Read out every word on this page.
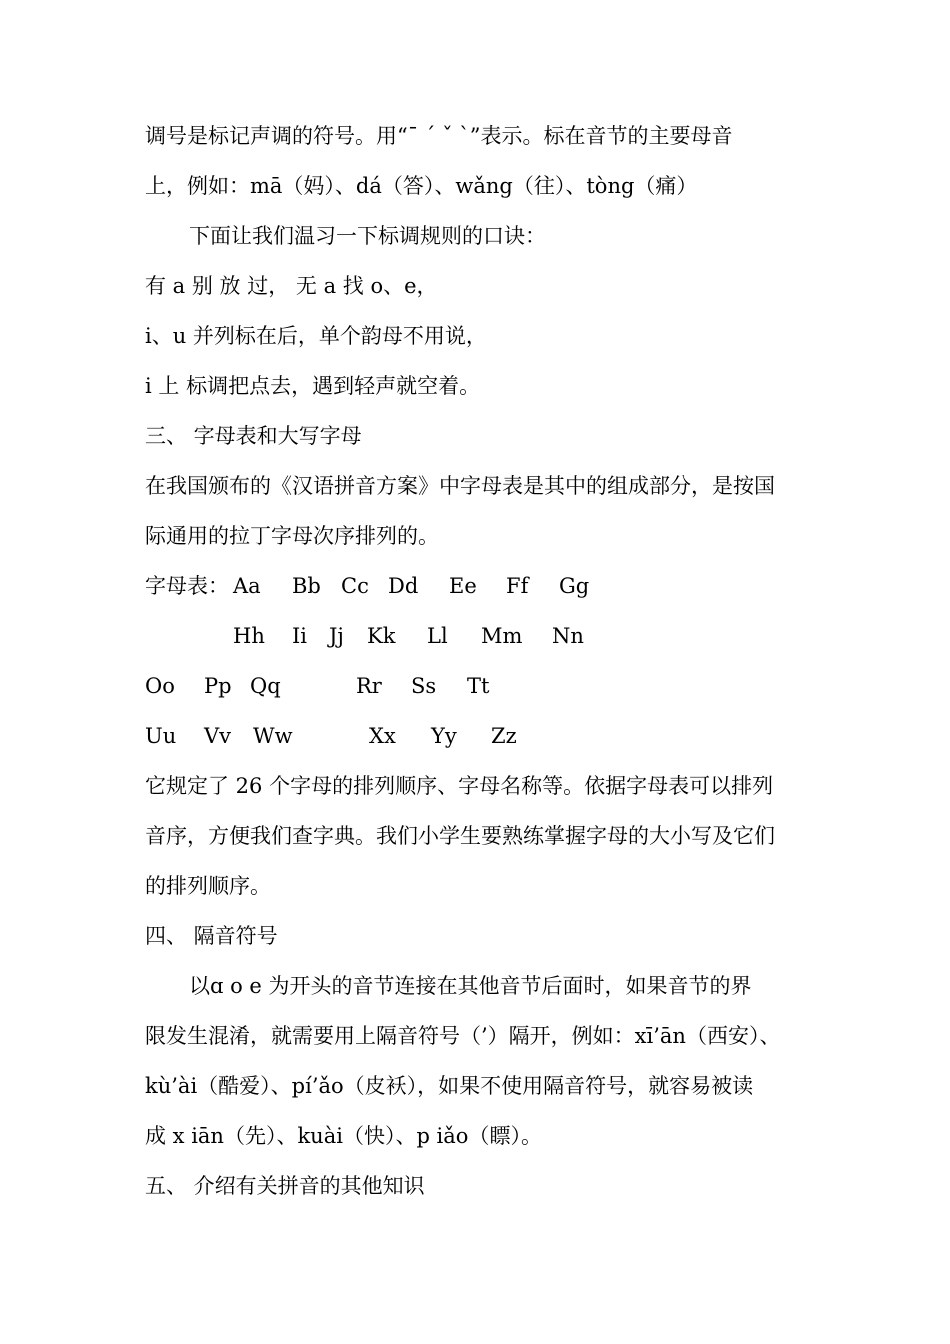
调号是标记声调的符号。用“ˉ ˊ ˇ ˋ”表示。标在音节的主要母音
上，例如：mā（妈）、dá（答）、wǎng（往）、tòng（痛）
下面让我们温习一下标调规则的口诀：
有 a 别 放 过， 无 a 找 o、e，
i、u 并列标在后，单个韵母不用说，
i 上 标调把点去，遇到轻声就空着。
三、 字母表和大写字母
在我国颁布的《汉语拼音方案》中字母表是其中的组成部分，是按国
际通用的拉丁字母次序排列的。
字母表： Aa Bb Cc Dd Ee Ff Gg
Hh Ii Jj Kk Ll Mm Nn
Oo Pp Qq	Rr Ss Tt
Uu Vv Ww	Xx Yy Zz
它规定了 26 个字母的排列顺序、字母名称等。依据字母表可以排列
音序，方便我们查字典。我们小学生要熟练掌握字母的大小写及它们
的排列顺序。
四、 隔音符号
以ɑ o e 为开头的音节连接在其他音节后面时，如果音节的界
限发生混淆，就需要用上隔音符号（’）隔开，例如：xī’ān（西安）、
kù’ài（酷爱）、pí’ǎo（皮袄），如果不使用隔音符号，就容易被读
成 x iān（先）、kuài（快）、p iǎo（瞟）。
五、 介绍有关拼音的其他知识
